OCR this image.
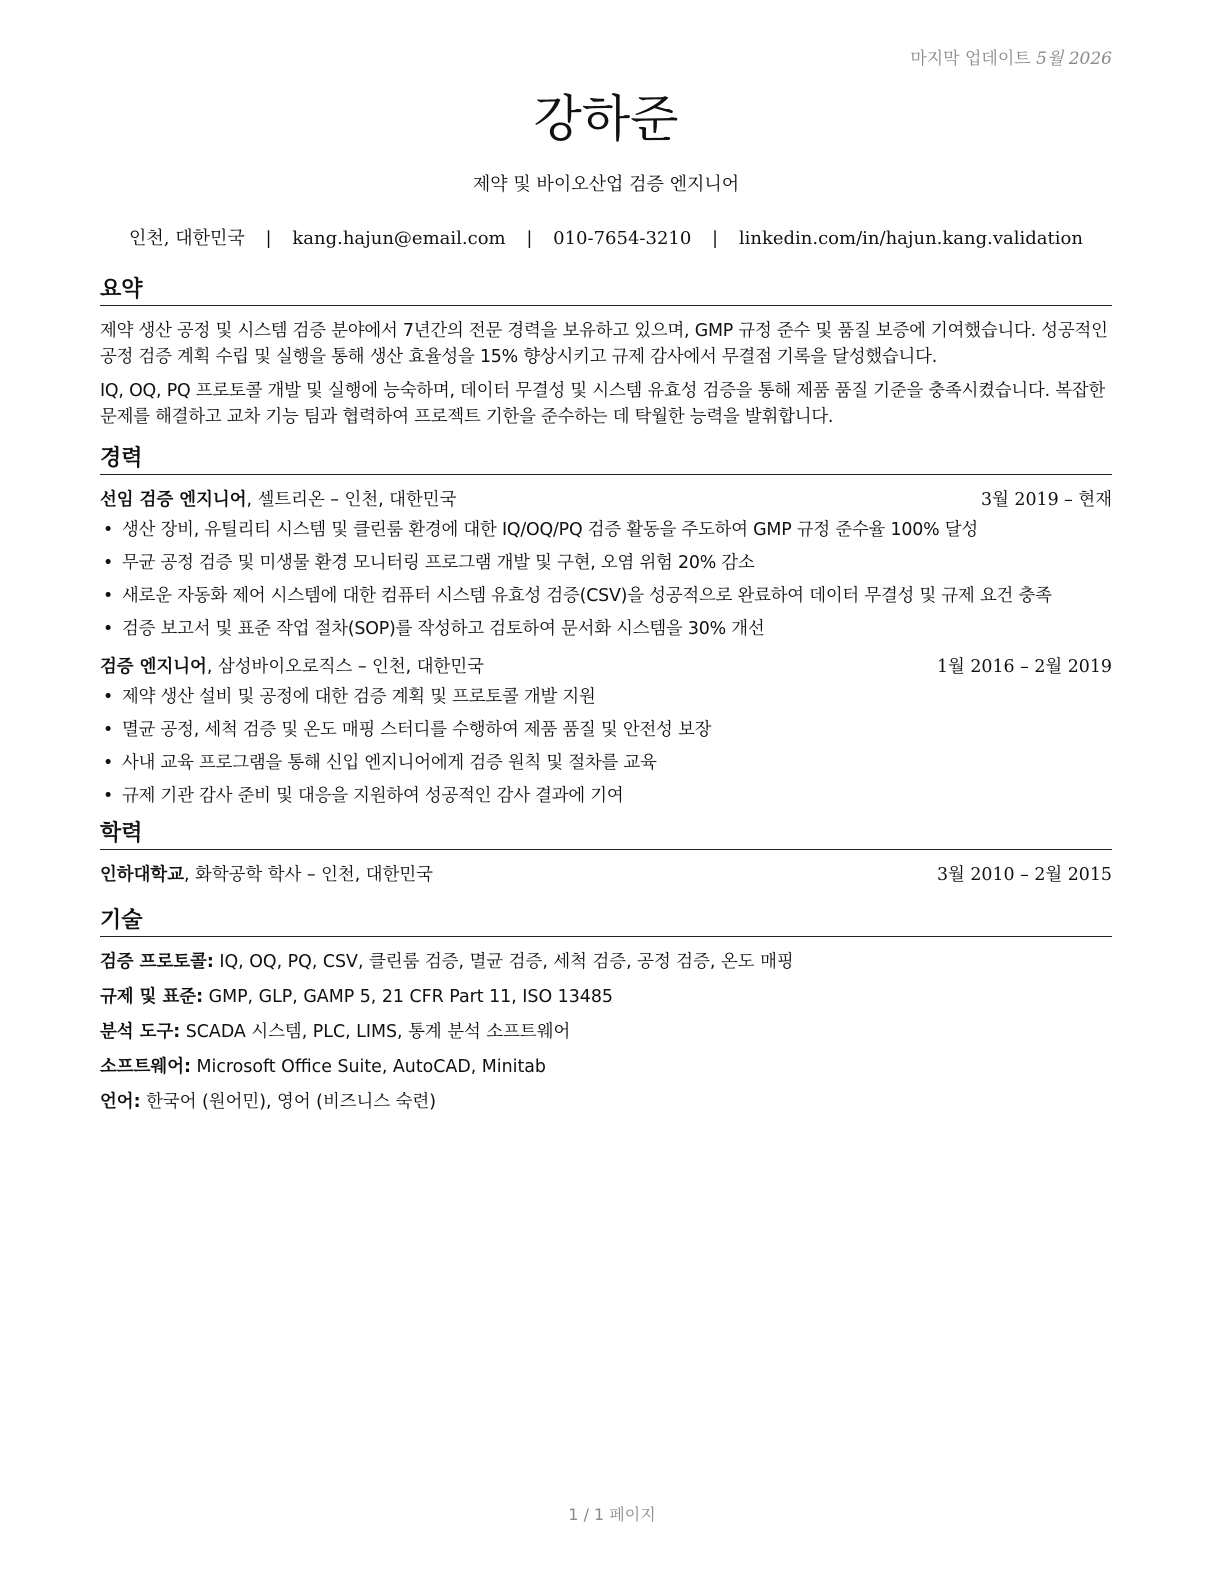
마지막 업데이트 5월 2026
강하준
제약 및 바이오산업 검증 엔지니어
인천, 대한민국 | kang.hajun@email.com | 010-7654-3210 | linkedin.com/in/hajun.kang.validation
요약

제약 생산 공정 및 시스템 검증 분야에서 7년간의 전문 경력을 보유하고 있으며, GMP 규정 준수 및 품질 보증에 기여했습니다. 성공적인 공정 검증 계획 수립 및 실행을 통해 생산 효율성을 15% 향상시키고 규제 감사에서 무결점 기록을 달성했습니다.

IQ, OQ, PQ 프로토콜 개발 및 실행에 능숙하며, 데이터 무결성 및 시스템 유효성 검증을 통해 제품 품질 기준을 충족시켰습니다. 복잡한 문제를 해결하고 교차 기능 팀과 협력하여 프로젝트 기한을 준수하는 데 탁월한 능력을 발휘합니다.

경력
선임 검증 엔지니어, 셀트리온 – 인천, 대한민국	3월 2019 – 현재
• 생산 장비, 유틸리티 시스템 및 클린룸 환경에 대한 IQ/OQ/PQ 검증 활동을 주도하여 GMP 규정 준수율 100% 달성
• 무균 공정 검증 및 미생물 환경 모니터링 프로그램 개발 및 구현, 오염 위험 20% 감소
• 새로운 자동화 제어 시스템에 대한 컴퓨터 시스템 유효성 검증(CSV)을 성공적으로 완료하여 데이터 무결성 및 규제 요건 충족
• 검증 보고서 및 표준 작업 절차(SOP)를 작성하고 검토하여 문서화 시스템을 30% 개선
검증 엔지니어, 삼성바이오로직스 – 인천, 대한민국	1월 2016 – 2월 2019
• 제약 생산 설비 및 공정에 대한 검증 계획 및 프로토콜 개발 지원
• 멸균 공정, 세척 검증 및 온도 매핑 스터디를 수행하여 제품 품질 및 안전성 보장
• 사내 교육 프로그램을 통해 신입 엔지니어에게 검증 원칙 및 절차를 교육
• 규제 기관 감사 준비 및 대응을 지원하여 성공적인 감사 결과에 기여
학력
인하대학교, 화학공학 학사 – 인천, 대한민국	3월 2010 – 2월 2015
기술
검증 프로토콜: IQ, OQ, PQ, CSV, 클린룸 검증, 멸균 검증, 세척 검증, 공정 검증, 온도 매핑
규제 및 표준: GMP, GLP, GAMP 5, 21 CFR Part 11, ISO 13485
분석 도구: SCADA 시스템, PLC, LIMS, 통계 분석 소프트웨어
소프트웨어: Microsoft Office Suite, AutoCAD, Minitab
언어: 한국어 (원어민), 영어 (비즈니스 숙련)
1 / 1 페이지
